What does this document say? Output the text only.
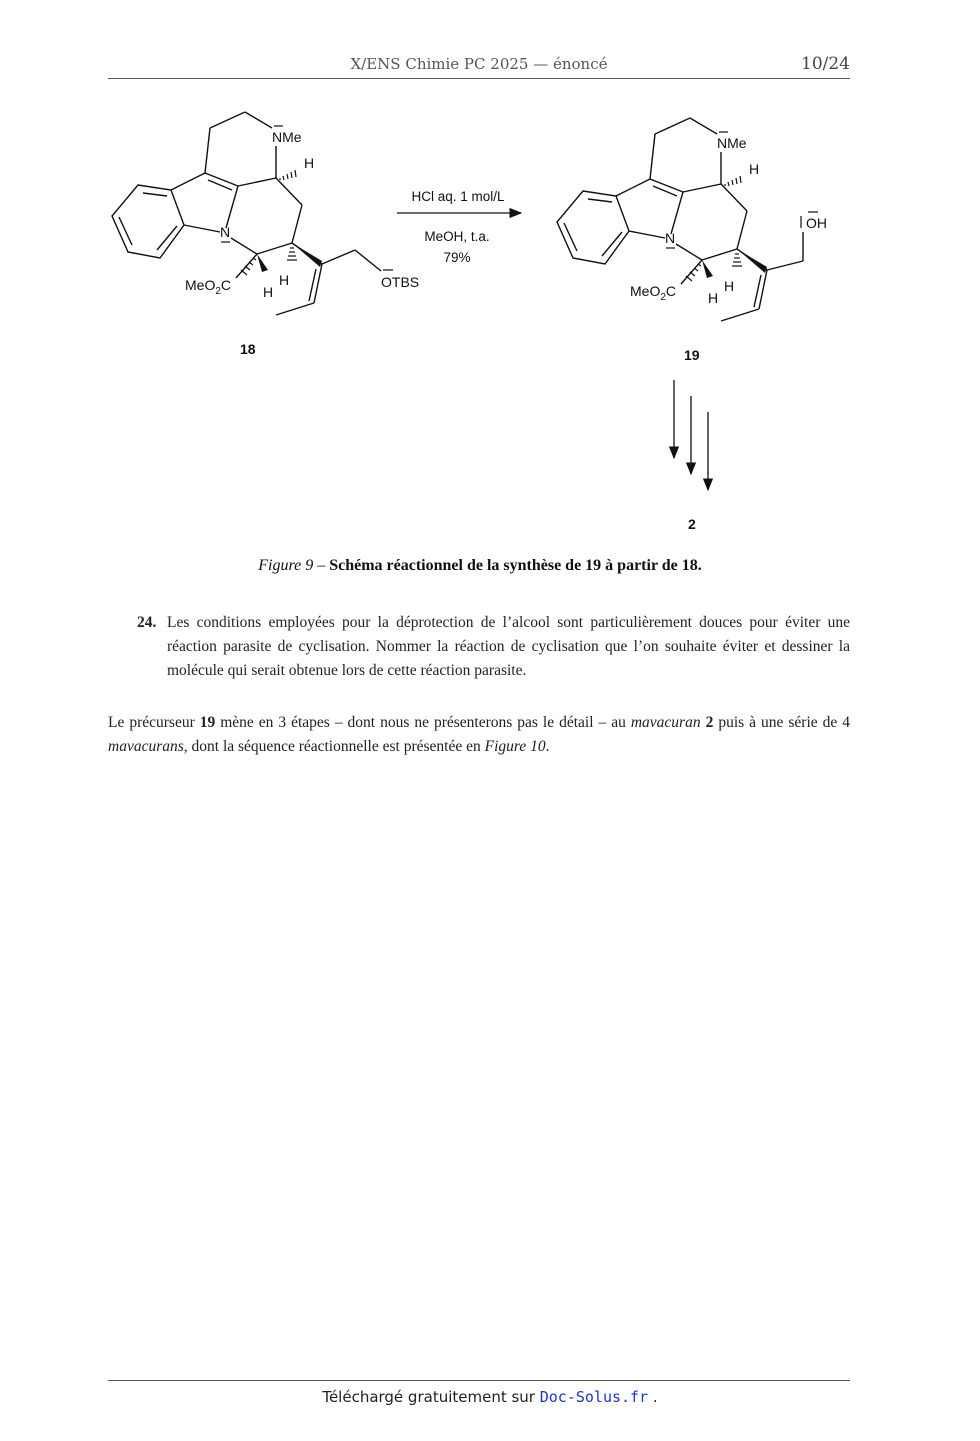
X/ENS Chimie PC 2025 — énoncé	10/24
NMe
H
N
MeO$_2$C H
H	OTBS
18
HCl aq. 1 mol/L
MeOH, t.a.
79%
NMe
H
N
MeO$_2$C H
H
OH
19
2
Figure 9 – Schéma réactionnel de la synthèse de 19 à partir de 18.
24. Les conditions employées pour la déprotection de l’alcool sont particulièrement douces pour éviter une réaction parasite de cyclisation. Nommer la réaction de cyclisation que l’on souhaite éviter et dessiner la molécule qui serait obtenue lors de cette réaction parasite.
Le précurseur 19 mène en 3 étapes – dont nous ne présenterons pas le détail – au mavacuran 2 puis à une série de 4 mavacurans, dont la séquence réactionnelle est présentée en Figure 10.
Téléchargé gratuitement sur Doc-Solus.fr .
